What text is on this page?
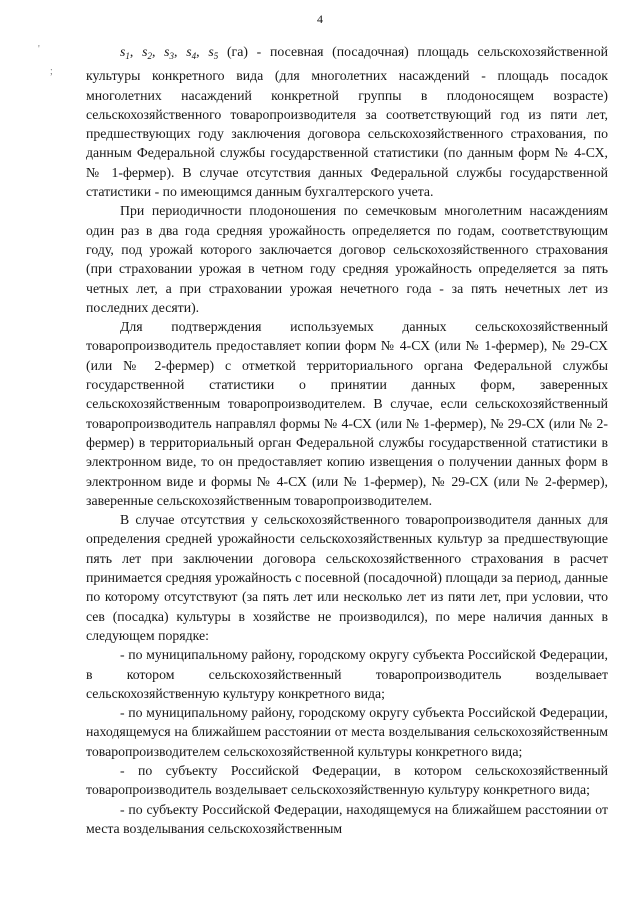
4
'
;

$s_1$, $s_2$, $s_3$, $s_4$, $s_5$ (га) - посевная (посадочная) площадь сельскохозяйственной культуры конкретного вида (для многолетних насаждений - площадь посадок многолетних насаждений конкретной группы в плодоносящем возрасте) сельскохозяйственного товаропроизводителя за соответствующий год из пяти лет, предшествующих году заключения договора сельскохозяйственного страхования, по данным Федеральной службы государственной статистики (по данным форм № 4-СХ, № 1-фермер). В случае отсутствия данных Федеральной службы государственной статистики - по имеющимся данным бухгалтерского учета.

При периодичности плодоношения по семечковым многолетним насаждениям один раз в два года средняя урожайность определяется по годам, соответствующим году, под урожай которого заключается договор сельскохозяйственного страхования (при страховании урожая в четном году средняя урожайность определяется за пять четных лет, а при страховании урожая нечетного года - за пять нечетных лет из последних десяти).

Для подтверждения используемых данных сельскохозяйственный товаропроизводитель предоставляет копии форм № 4-СХ (или № 1-фермер), № 29-СХ (или № 2-фермер) с отметкой территориального органа Федеральной службы государственной статистики о принятии данных форм, заверенных сельскохозяйственным товаропроизводителем. В случае, если сельскохозяйственный товаропроизводитель направлял формы № 4-СХ (или № 1-фермер), № 29-СХ (или № 2-фермер) в территориальный орган Федеральной службы государственной статистики в электронном виде, то он предоставляет копию извещения о получении данных форм в электронном виде и формы № 4-СХ (или № 1-фермер), № 29-СХ (или № 2-фермер), заверенные сельскохозяйственным товаропроизводителем.

В случае отсутствия у сельскохозяйственного товаропроизводителя данных для определения средней урожайности сельскохозяйственных культур за предшествующие пять лет при заключении договора сельскохозяйственного страхования в расчет принимается средняя урожайность с посевной (посадочной) площади за период, данные по которому отсутствуют (за пять лет или несколько лет из пяти лет, при условии, что сев (посадка) культуры в хозяйстве не производился), по мере наличия данных в следующем порядке:

- по муниципальному району, городскому округу субъекта Российской Федерации, в котором сельскохозяйственный товаропроизводитель возделывает сельскохозяйственную культуру конкретного вида;

- по муниципальному району, городскому округу субъекта Российской Федерации, находящемуся на ближайшем расстоянии от места возделывания сельскохозяйственным товаропроизводителем сельскохозяйственной культуры конкретного вида;

- по субъекту Российской Федерации, в котором сельскохозяйственный товаропроизводитель возделывает сельскохозяйственную культуру конкретного вида;

- по субъекту Российской Федерации, находящемуся на ближайшем расстоянии от места возделывания сельскохозяйственным
